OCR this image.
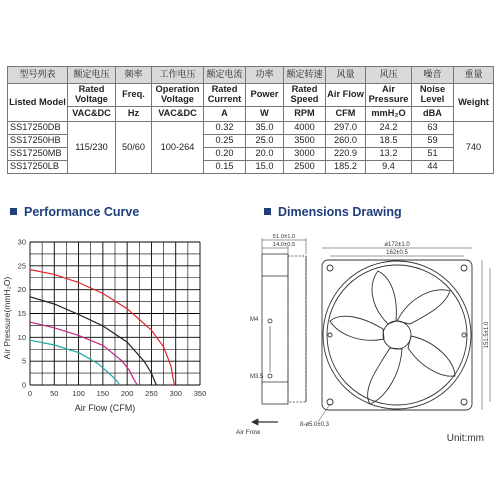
型号列表	额定电压	频率	工作电压	额定电流	功率	额定转速	风量	风压	噪音	重量
Listed Model	Rated Voltage	Freq.	Operation Voltage	Rated Current	Power	Rated Speed	Air Flow	Air Pressure	Noise Level	Weight
	VAC&DC	Hz	VAC&DC	A	W	RPM	CFM	mmH₂O	dBA	
SS17250DB	115/230	50/60	100-264	0.32	35.0	4000	297.0	24.2	63	740
SS17250HB				0.25	25.0	3500	260.0	18.5	59	
SS17250MB				0.20	20.0	3000	220.9	13.2	51	
SS17250LB				0.15	15.0	2500	185.2	9.4	44	
Performance Curve	Dimensions Drawing
0 50 100 150 200 250 300 350
0
5
10
15
20
25
30
Air Flow (CFM)
Air Pressure(mmH₂O)
51.0±1.0
14.0±0.5
M4
M3.5
Air Frow
ø172±1.0
162±0.5
151.5±1.0
8-ø5.0±0.3
Unit:mm
